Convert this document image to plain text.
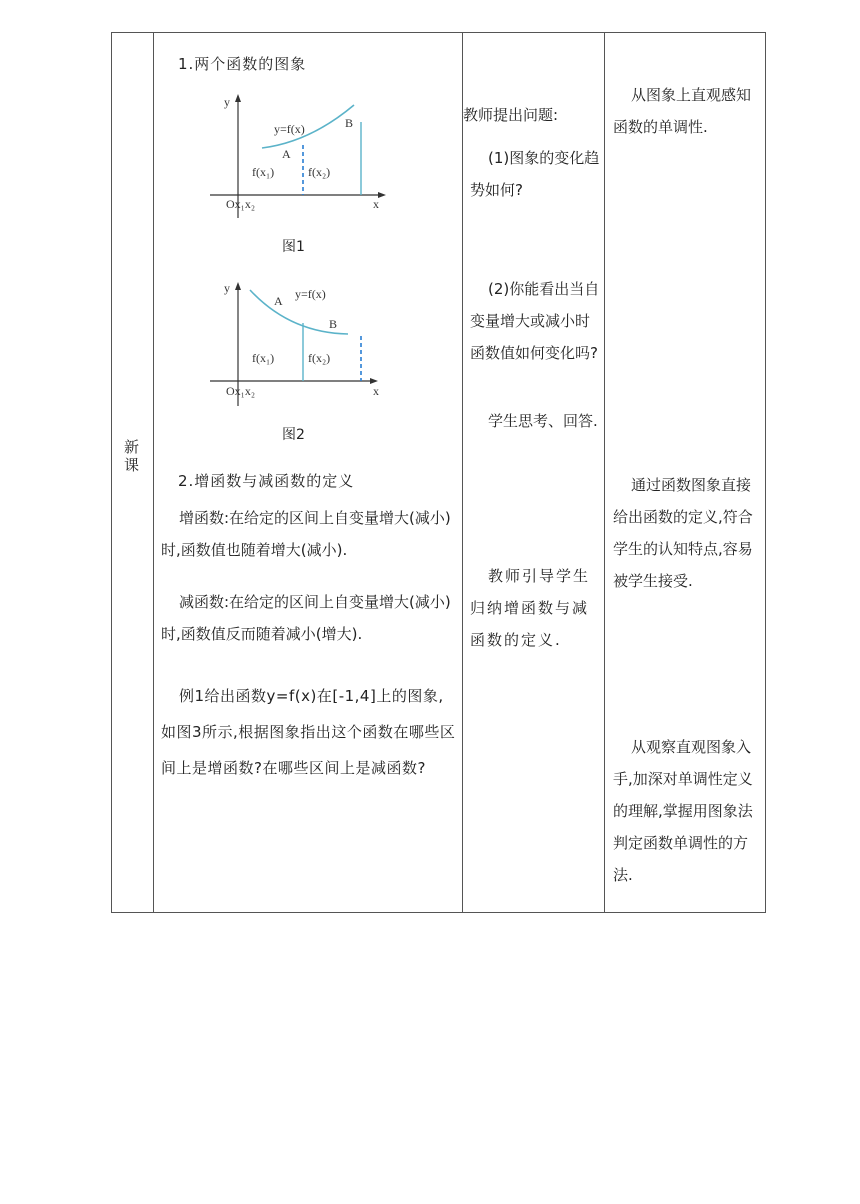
新课
1.两个函数的图象
y
x
y=f(x)
A
B
f(x₁)	f(x₂)
Ox₁x₂
图1
y
x
y=f(x)
A
B
f(x₁)	f(x₂)
Ox₁x₂
图2
2.增函数与减函数的定义
增函数:在给定的区间上自变量增大(减小)时,函数值也随着增大(减小).
减函数:在给定的区间上自变量增大(减小)时,函数值反而随着减小(增大).
例1给出函数y=f(x)在[-1,4]上的图象,如图3所示,根据图象指出这个函数在哪些区间上是增函数?在哪些区间上是减函数?
教师提出问题:
(1)图象的变化趋势如何?
(2)你能看出当自变量增大或减小时函数值如何变化吗?
学生思考、回答.
教师引导学生归纳增函数与减函数的定义.
从图象上直观感知函数的单调性.
通过函数图象直接给出函数的定义,符合学生的认知特点,容易被学生接受.
从观察直观图象入手,加深对单调性定义的理解,掌握用图象法判定函数单调性的方法.
